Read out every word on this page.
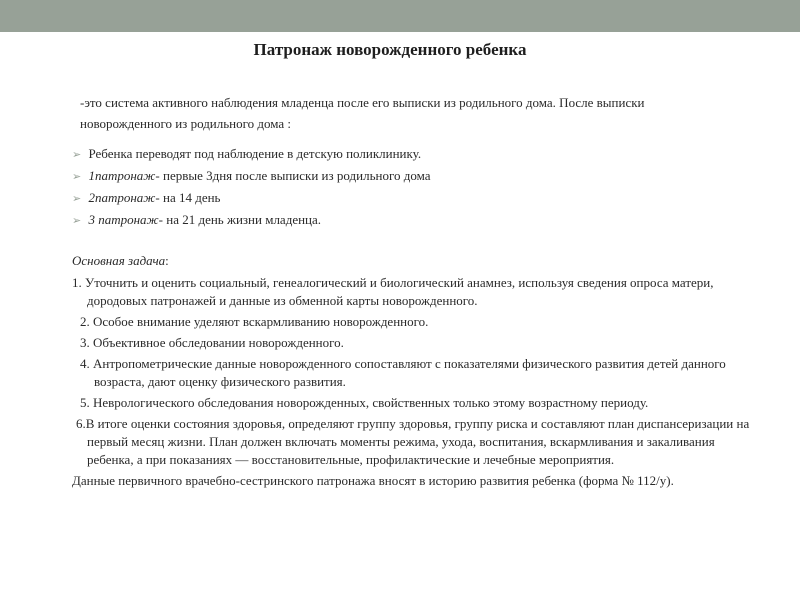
Патронаж новорожденного ребенка
-это система активного наблюдения младенца после его выписки из родильного дома. После выписки новорожденного из родильного дома :
➢ Ребенка переводят под наблюдение в детскую поликлинику.
➢ 1патронаж- первые 3дня после выписки из родильного дома
➢ 2патронаж- на 14 день
➢ 3 патронаж- на 21 день жизни младенца.
Основная задача:
1. Уточнить и оценить социальный, генеалогический и биологический анамнез, используя сведения опроса матери, дородовых патронажей и данные из обменной карты новорожденного.
2. Особое внимание уделяют вскармливанию новорожденного.
3. Объективное обследовании новорожденного.
4. Антропометрические данные новорожденного сопоставляют с показателями физического развития детей данного возраста, дают оценку физического развития.
5. Неврологического обследования новорожденных, свойственных только этому возрастному периоду.
6.В итоге оценки состояния здоровья, определяют группу здоровья, группу риска и составляют план диспансеризации на первый месяц жизни. План должен включать моменты режима, ухода, воспитания, вскармливания и закаливания ребенка, а при показаниях — восстановительные, профилактические и лечебные мероприятия.
Данные первичного врачебно-сестринского патронажа вносят в историю развития ребенка (форма № 112/у).
